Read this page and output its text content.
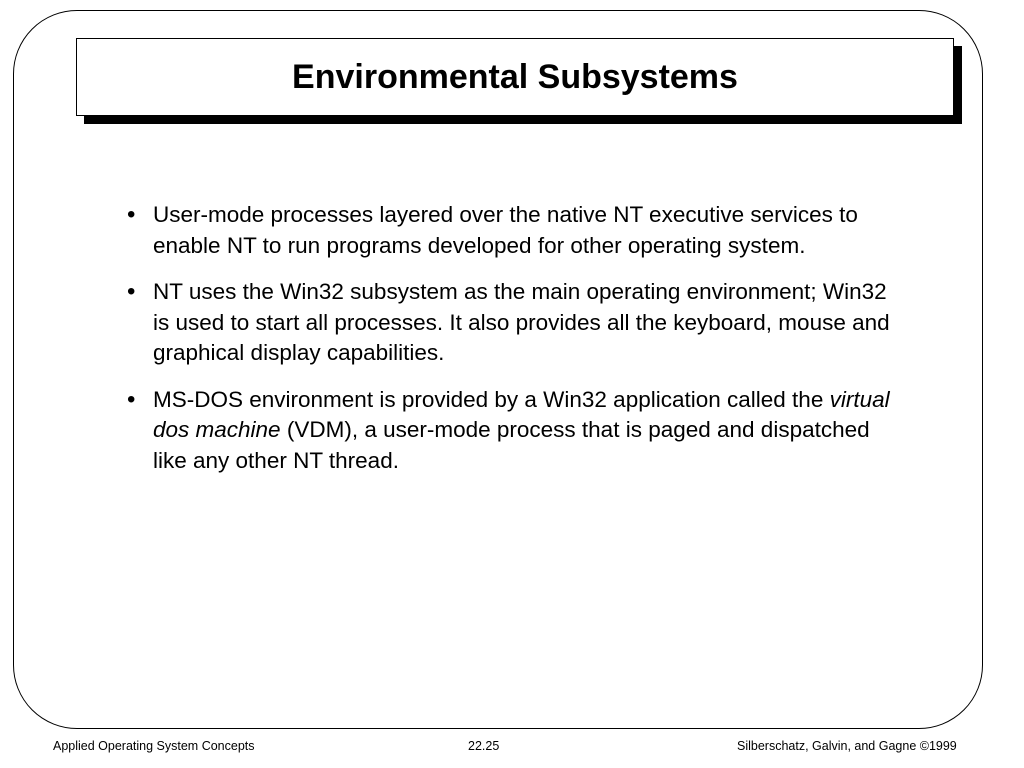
Environmental Subsystems
• User-mode processes layered over the native NT executive services to enable NT to run programs developed for other operating system.
• NT uses the Win32 subsystem as the main operating environment; Win32 is used to start all processes. It also provides all the keyboard, mouse and graphical display capabilities.
• MS-DOS environment is provided by a Win32 application called the virtual dos machine (VDM), a user-mode process that is paged and dispatched like any other NT thread.
Applied Operating System Concepts	22.25	Silberschatz, Galvin, and Gagne ©1999
